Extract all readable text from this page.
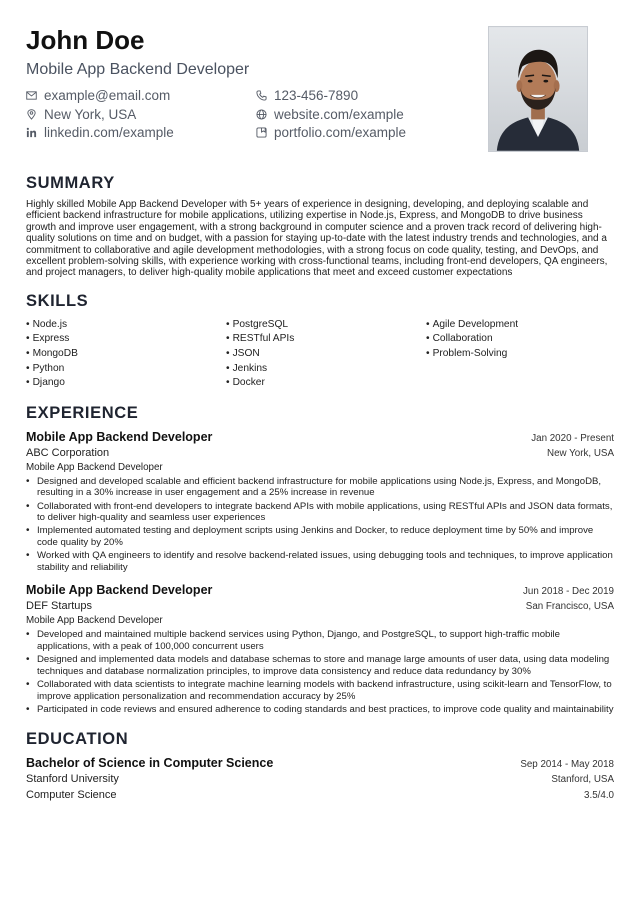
John Doe
Mobile App Backend Developer
example@email.com	123-456-7890
New York, USA	website.com/example
linkedin.com/example	portfolio.com/example
SUMMARY

Highly skilled Mobile App Backend Developer with 5+ years of experience in designing, developing, and deploying scalable and efficient backend infrastructure for mobile applications, utilizing expertise in Node.js, Express, and MongoDB to drive business growth and improve user engagement, with a strong background in computer science and a proven track record of delivering high-quality solutions on time and on budget, with a passion for staying up-to-date with the latest industry trends and technologies, and a commitment to collaborative and agile development methodologies, with a strong focus on code quality, testing, and DevOps, and excellent problem-solving skills, with experience working with cross-functional teams, including front-end developers, QA engineers, and project managers, to deliver high-quality mobile applications that meet and exceed customer expectations

SKILLS
• Node.js
• Express
• MongoDB
• Python
• Django
• PostgreSQL
• RESTful APIs
• JSON
• Jenkins
• Docker
• Agile Development
• Collaboration
• Problem-Solving
EXPERIENCE
Mobile App Backend Developer	Jan 2020 - Present
ABC Corporation	New York, USA
Mobile App Backend Developer
• Designed and developed scalable and efficient backend infrastructure for mobile applications using Node.js, Express, and MongoDB, resulting in a 30% increase in user engagement and a 25% increase in revenue
• Collaborated with front-end developers to integrate backend APIs with mobile applications, using RESTful APIs and JSON data formats, to deliver high-quality and seamless user experiences
• Implemented automated testing and deployment scripts using Jenkins and Docker, to reduce deployment time by 50% and improve code quality by 20%
• Worked with QA engineers to identify and resolve backend-related issues, using debugging tools and techniques, to improve application stability and reliability
Mobile App Backend Developer	Jun 2018 - Dec 2019
DEF Startups	San Francisco, USA
Mobile App Backend Developer
• Developed and maintained multiple backend services using Python, Django, and PostgreSQL, to support high-traffic mobile applications, with a peak of 100,000 concurrent users
• Designed and implemented data models and database schemas to store and manage large amounts of user data, using data modeling techniques and database normalization principles, to improve data consistency and reduce data redundancy by 30%
• Collaborated with data scientists to integrate machine learning models with backend infrastructure, using scikit-learn and TensorFlow, to improve application personalization and recommendation accuracy by 25%
• Participated in code reviews and ensured adherence to coding standards and best practices, to improve code quality and maintainability
EDUCATION
Bachelor of Science in Computer Science	Sep 2014 - May 2018
Stanford University	Stanford, USA
Computer Science	3.5/4.0
